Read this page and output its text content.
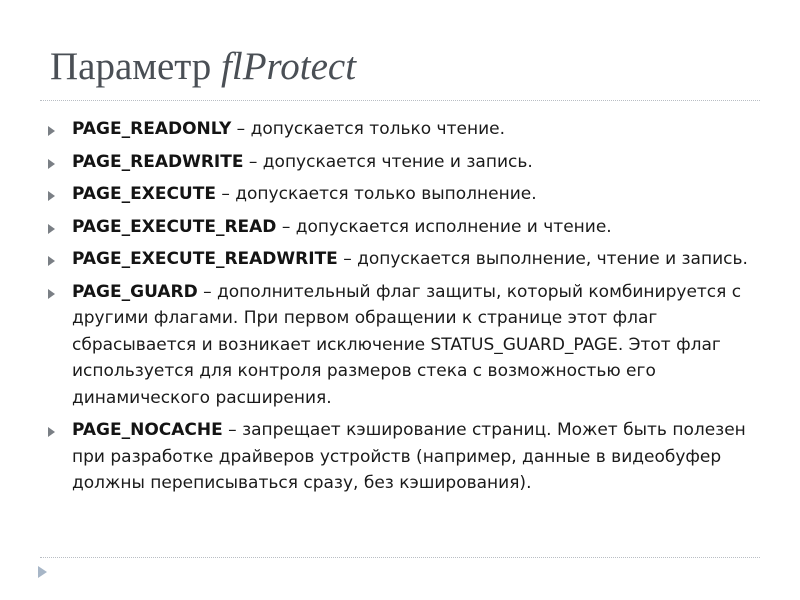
Параметр flProtect
PAGE_READONLY – допускается только чтение.
PAGE_READWRITE – допускается чтение и запись.
PAGE_EXECUTE – допускается только выполнение.
PAGE_EXECUTE_READ – допускается исполнение и чтение.
PAGE_EXECUTE_READWRITE – допускается выполнение, чтение и запись.
PAGE_GUARD – дополнительный флаг защиты, который комбинируется с другими флагами. При первом обращении к странице этот флаг сбрасывается и возникает исключение STATUS_GUARD_PAGE. Этот флаг используется для контроля размеров стека с возможностью его динамического расширения.
PAGE_NOCACHE – запрещает кэширование страниц. Может быть полезен при разработке драйверов устройств (например, данные в видеобуфер должны переписываться сразу, без кэширования).
